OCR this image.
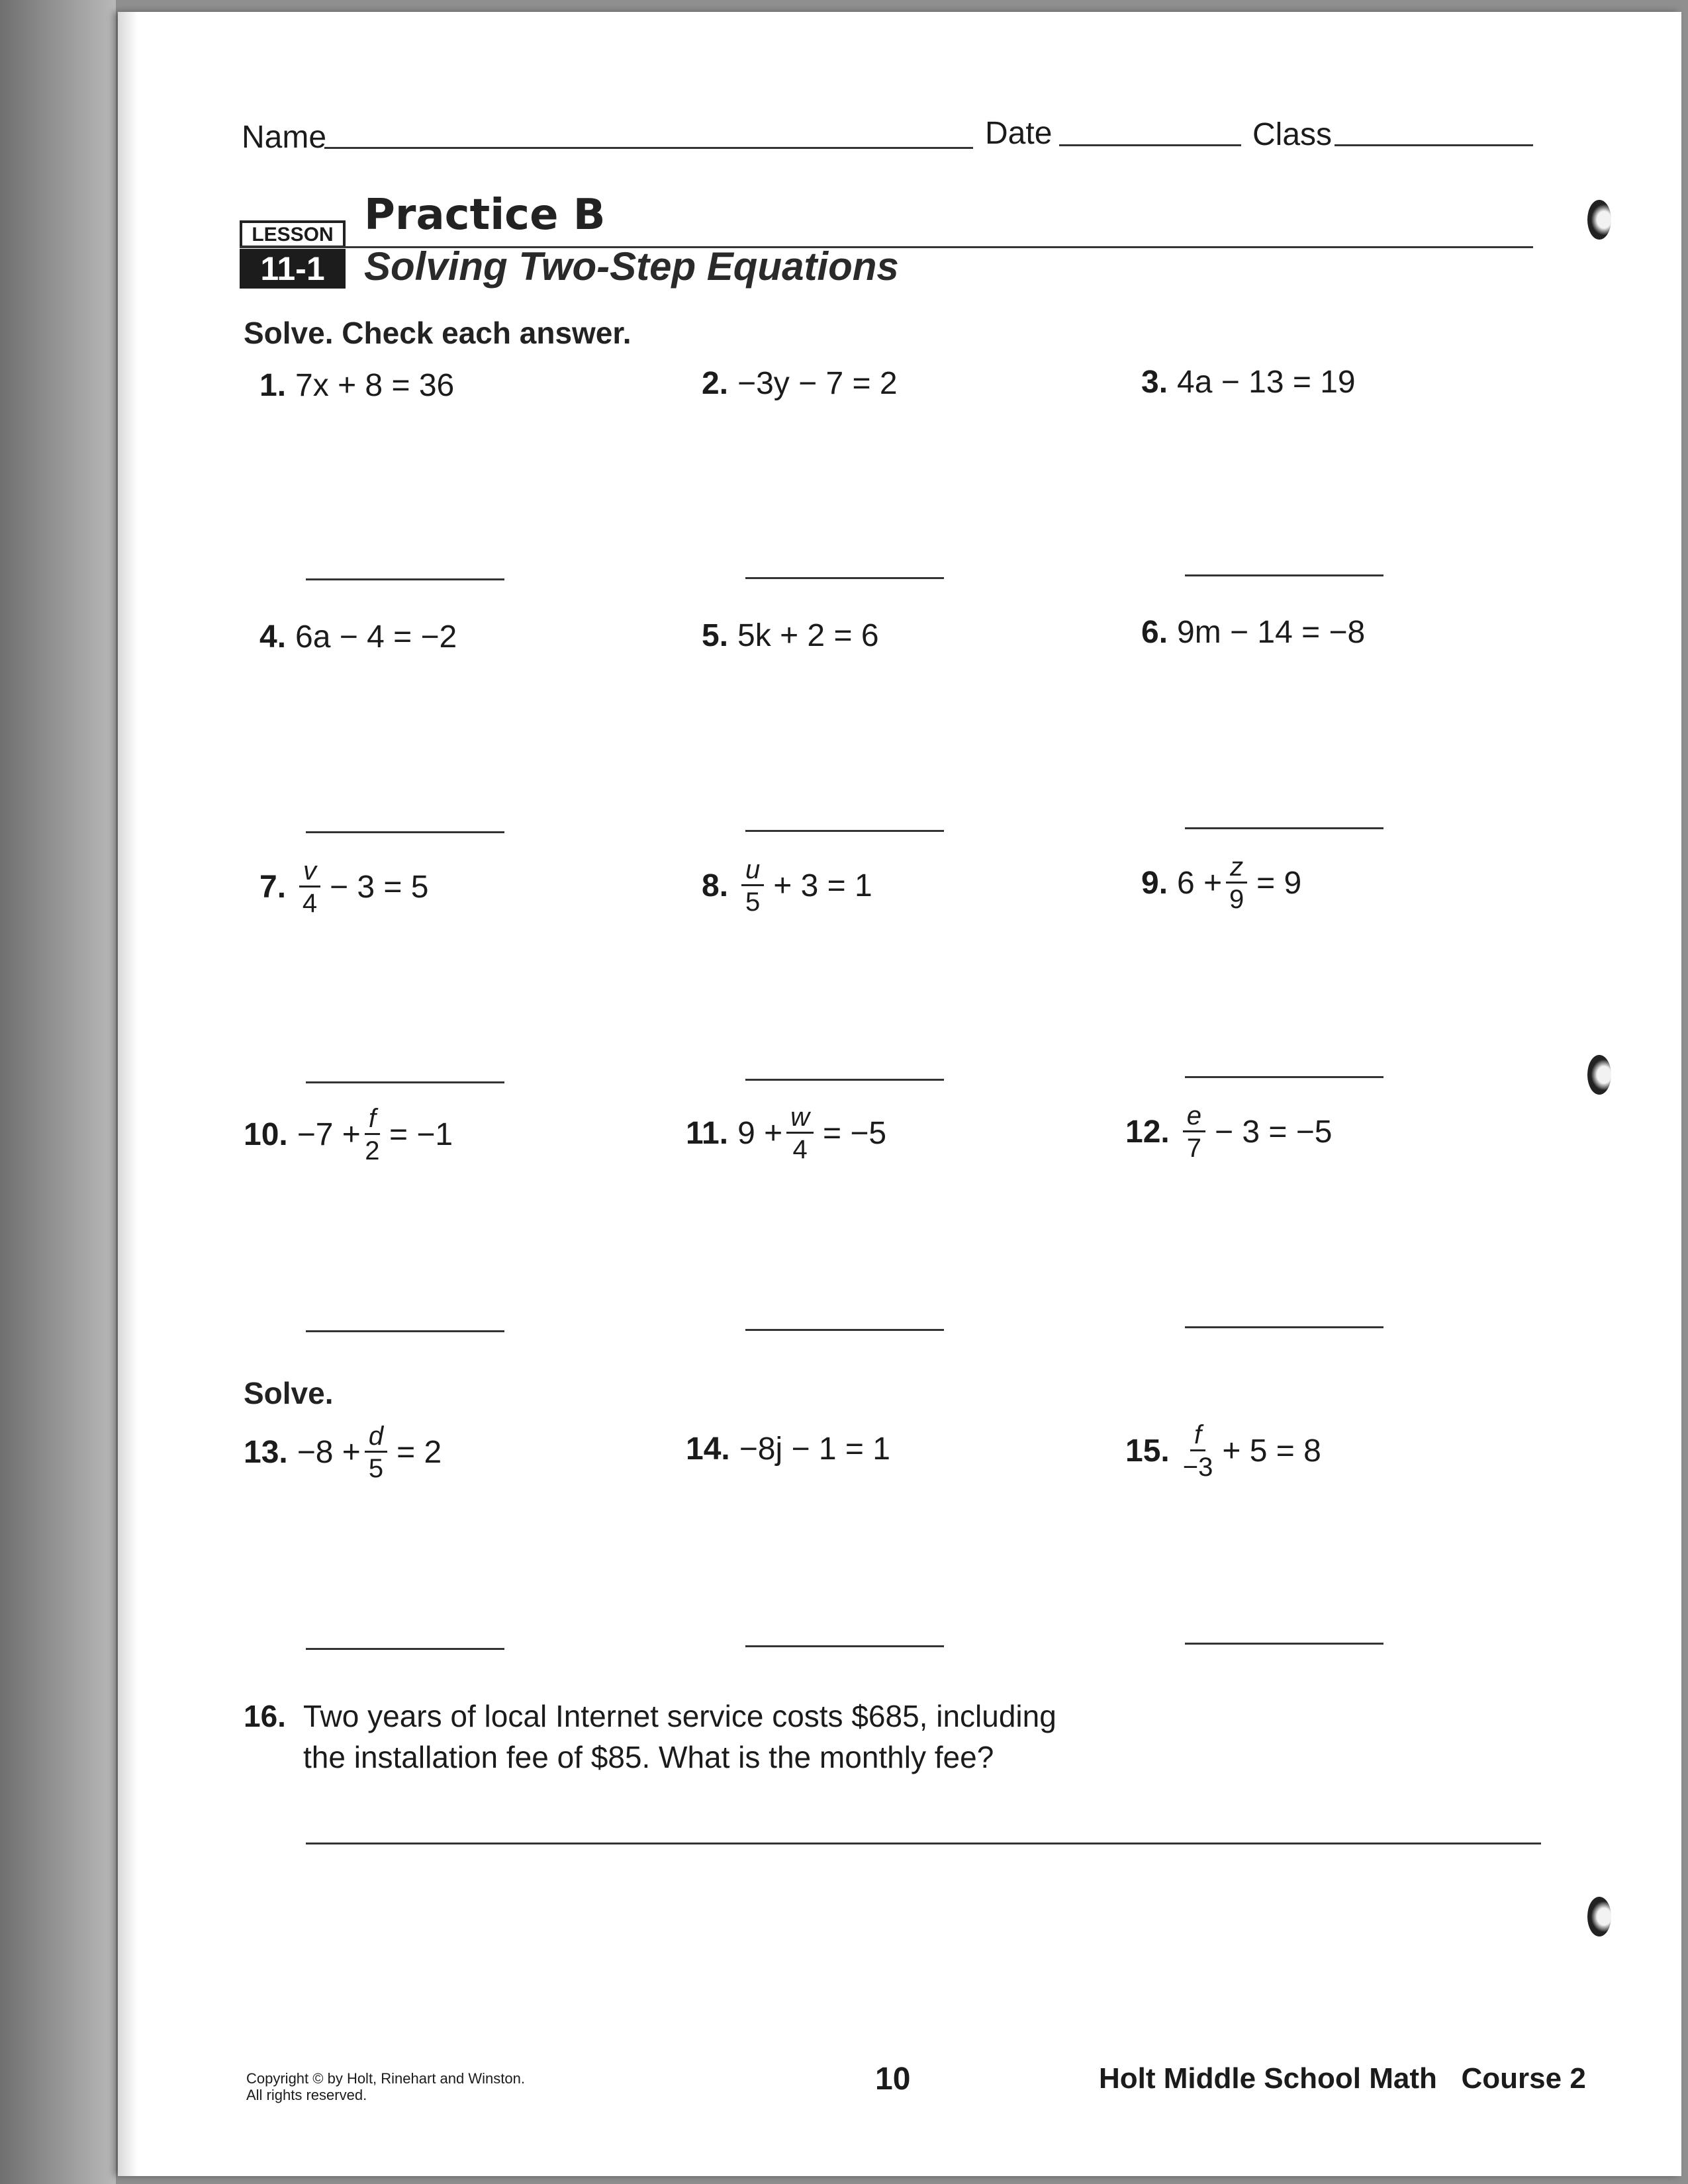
Name	Date	Class
LESSON
11-1
Practice B
Solving Two-Step Equations
Solve. Check each answer.
1. 7x + 8 = 36	2. −3y − 7 = 2	3. 4a − 13 = 19
4. 6a − 4 = −2	5. 5k + 2 = 6	6. 9m − 14 = −8
7. $\frac{v}{4} - 3 = 5$	8. $\frac{u}{5} + 3 = 1$	9. $6 + \frac{z}{9} = 9$
10. $-7 + \frac{f}{2} = -1$	11. $9 + \frac{w}{4} = -5$	12. $\frac{e}{7} - 3 = -5$
Solve.
13. $-8 + \frac{d}{5} = 2$	14. −8j − 1 = 1	15. $\frac{f}{-3} + 5 = 8$
16. Two years of local Internet service costs $685, including
the installation fee of $85. What is the monthly fee?
Copyright © by Holt, Rinehart and Winston.
All rights reserved.	10	Holt Middle School Math   Course 2
